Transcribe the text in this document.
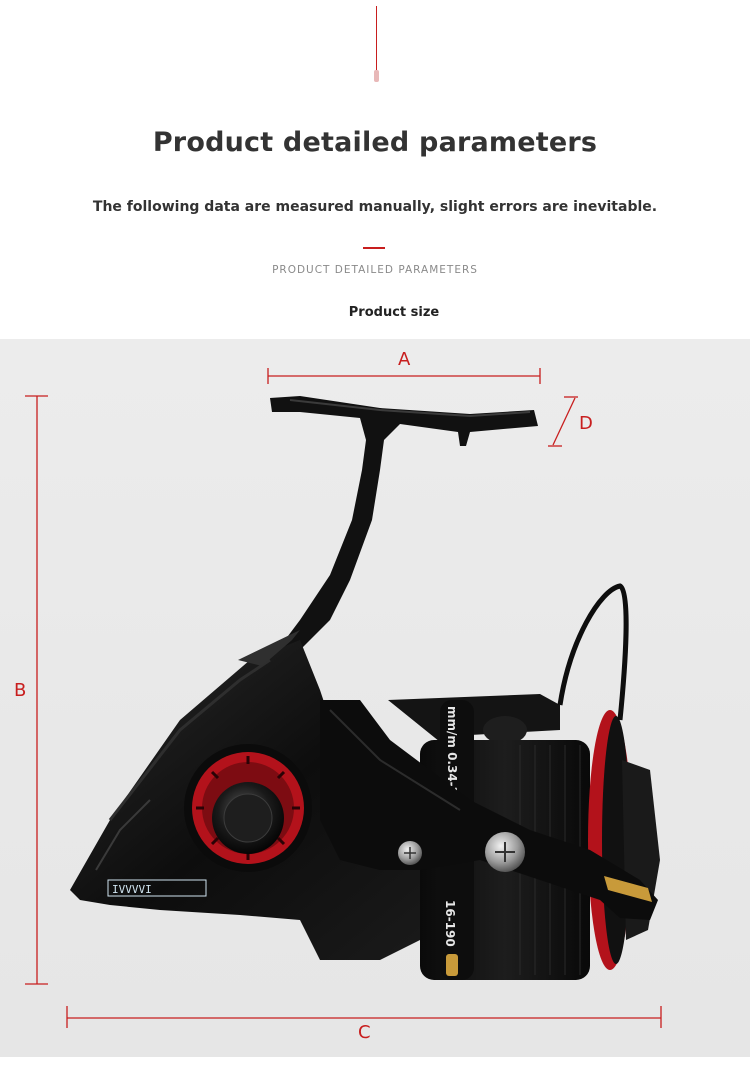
Product detailed parameters
The following data are measured manually, slight errors are inevitable.
PRODUCT DETAILED PARAMETERS
Product size
IVVVVI
mm/m 0.34-370
16-190
A
B
C
D
